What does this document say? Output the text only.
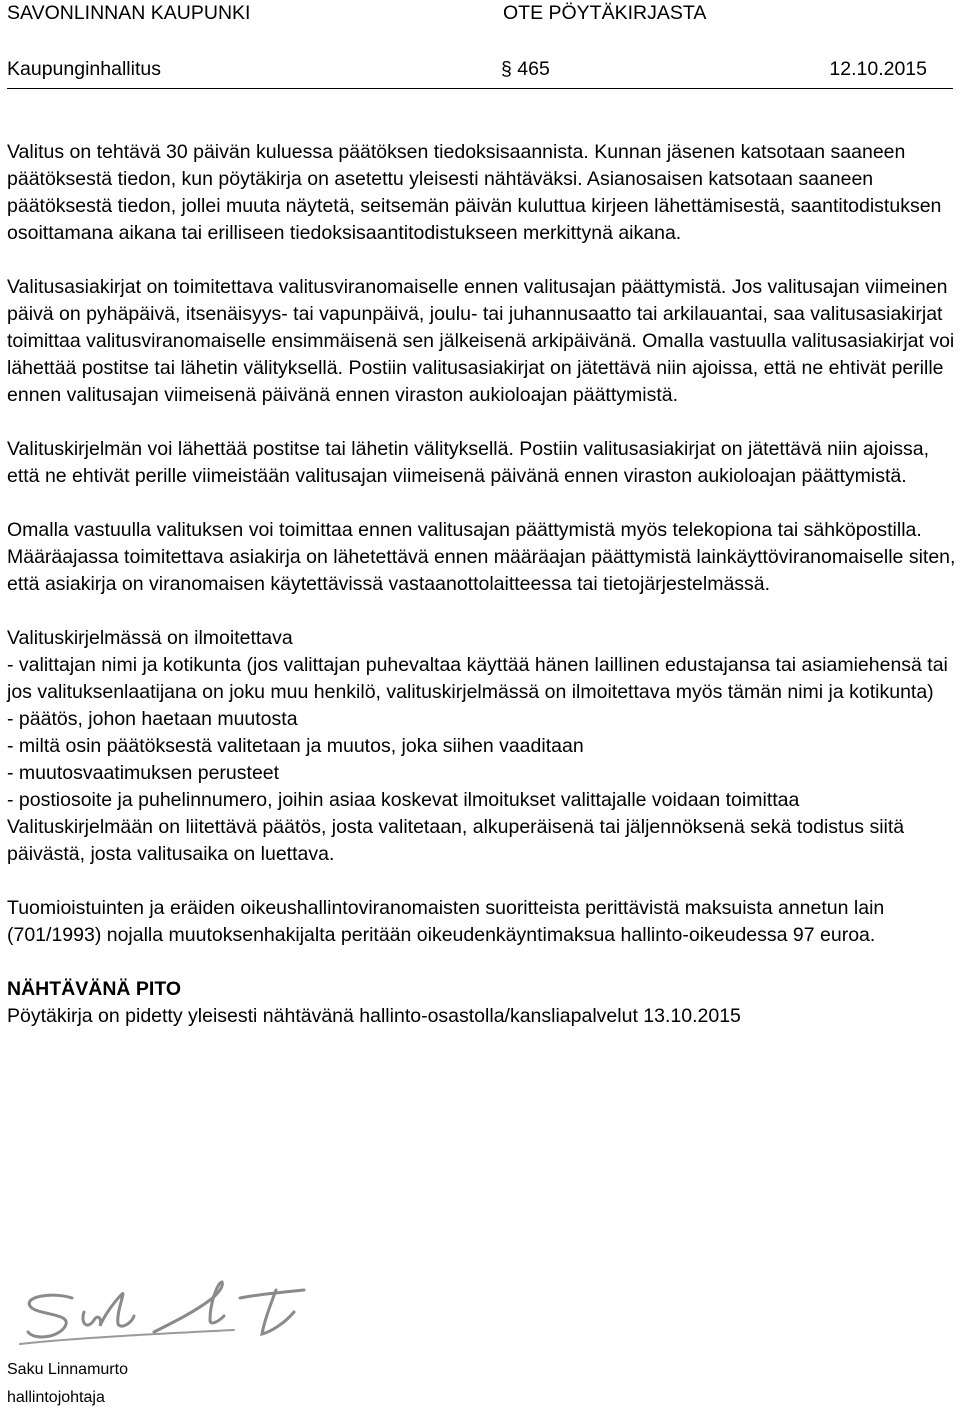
SAVONLINNAN KAUPUNKI	OTE PÖYTÄKIRJASTA
Kaupunginhallitus	§ 465	12.10.2015

Valitus on tehtävä 30 päivän kuluessa päätöksen tiedoksisaannista. Kunnan jäsenen katsotaan saaneen päätöksestä tiedon, kun pöytäkirja on asetettu yleisesti nähtäväksi. Asianosaisen katsotaan saaneen päätöksestä tiedon, jollei muuta näytetä, seitsemän päivän kuluttua kirjeen lähettämisestä, saantitodistuksen osoittamana aikana tai erilliseen tiedoksisaantitodistukseen merkittynä aikana.

Valitusasiakirjat on toimitettava valitusviranomaiselle ennen valitusajan päättymistä. Jos valitusajan viimeinen päivä on pyhäpäivä, itsenäisyys- tai vapunpäivä, joulu- tai juhannusaatto tai arkilauantai, saa valitusasiakirjat toimittaa valitusviranomaiselle ensimmäisenä sen jälkeisenä arkipäivänä. Omalla vastuulla valitusasiakirjat voi lähettää postitse tai lähetin välityksellä. Postiin valitusasiakirjat on jätettävä niin ajoissa, että ne ehtivät perille ennen valitusajan viimeisenä päivänä ennen viraston aukioloajan päättymistä.

Valituskirjelmän voi lähettää postitse tai lähetin välityksellä. Postiin valitusasiakirjat on jätettävä niin ajoissa, että ne ehtivät perille viimeistään valitusajan viimeisenä päivänä ennen viraston aukioloajan päättymistä.

Omalla vastuulla valituksen voi toimittaa ennen valitusajan päättymistä myös telekopiona tai sähköpostilla. Määräajassa toimitettava asiakirja on lähetettävä ennen määräajan päättymistä lainkäyttöviranomaiselle siten, että asiakirja on viranomaisen käytettävissä vastaanottolaitteessa tai tietojärjestelmässä.

Valituskirjelmässä on ilmoitettava
- valittajan nimi ja kotikunta (jos valittajan puhevaltaa käyttää hänen laillinen edustajansa tai asiamiehensä tai jos valituksenlaatijana on joku muu henkilö, valituskirjelmässä on ilmoitettava myös tämän nimi ja kotikunta)
- päätös, johon haetaan muutosta
- miltä osin päätöksestä valitetaan ja muutos, joka siihen vaaditaan
- muutosvaatimuksen perusteet
- postiosoite ja puhelinnumero, joihin asiaa koskevat ilmoitukset valittajalle voidaan toimittaa
Valituskirjelmään on liitettävä päätös, josta valitetaan, alkuperäisenä tai jäljennöksenä sekä todistus siitä päivästä, josta valitusaika on luettava.

Tuomioistuinten ja eräiden oikeushallintoviranomaisten suoritteista perittävistä maksuista annetun lain (701/1993) nojalla muutoksenhakijalta peritään oikeudenkäyntimaksua hallinto-oikeudessa 97 euroa.

NÄHTÄVÄNÄ PITO
Pöytäkirja on pidetty yleisesti nähtävänä hallinto-osastolla/kansliapalvelut 13.10.2015
Saku Linnamurto
hallintojohtaja
